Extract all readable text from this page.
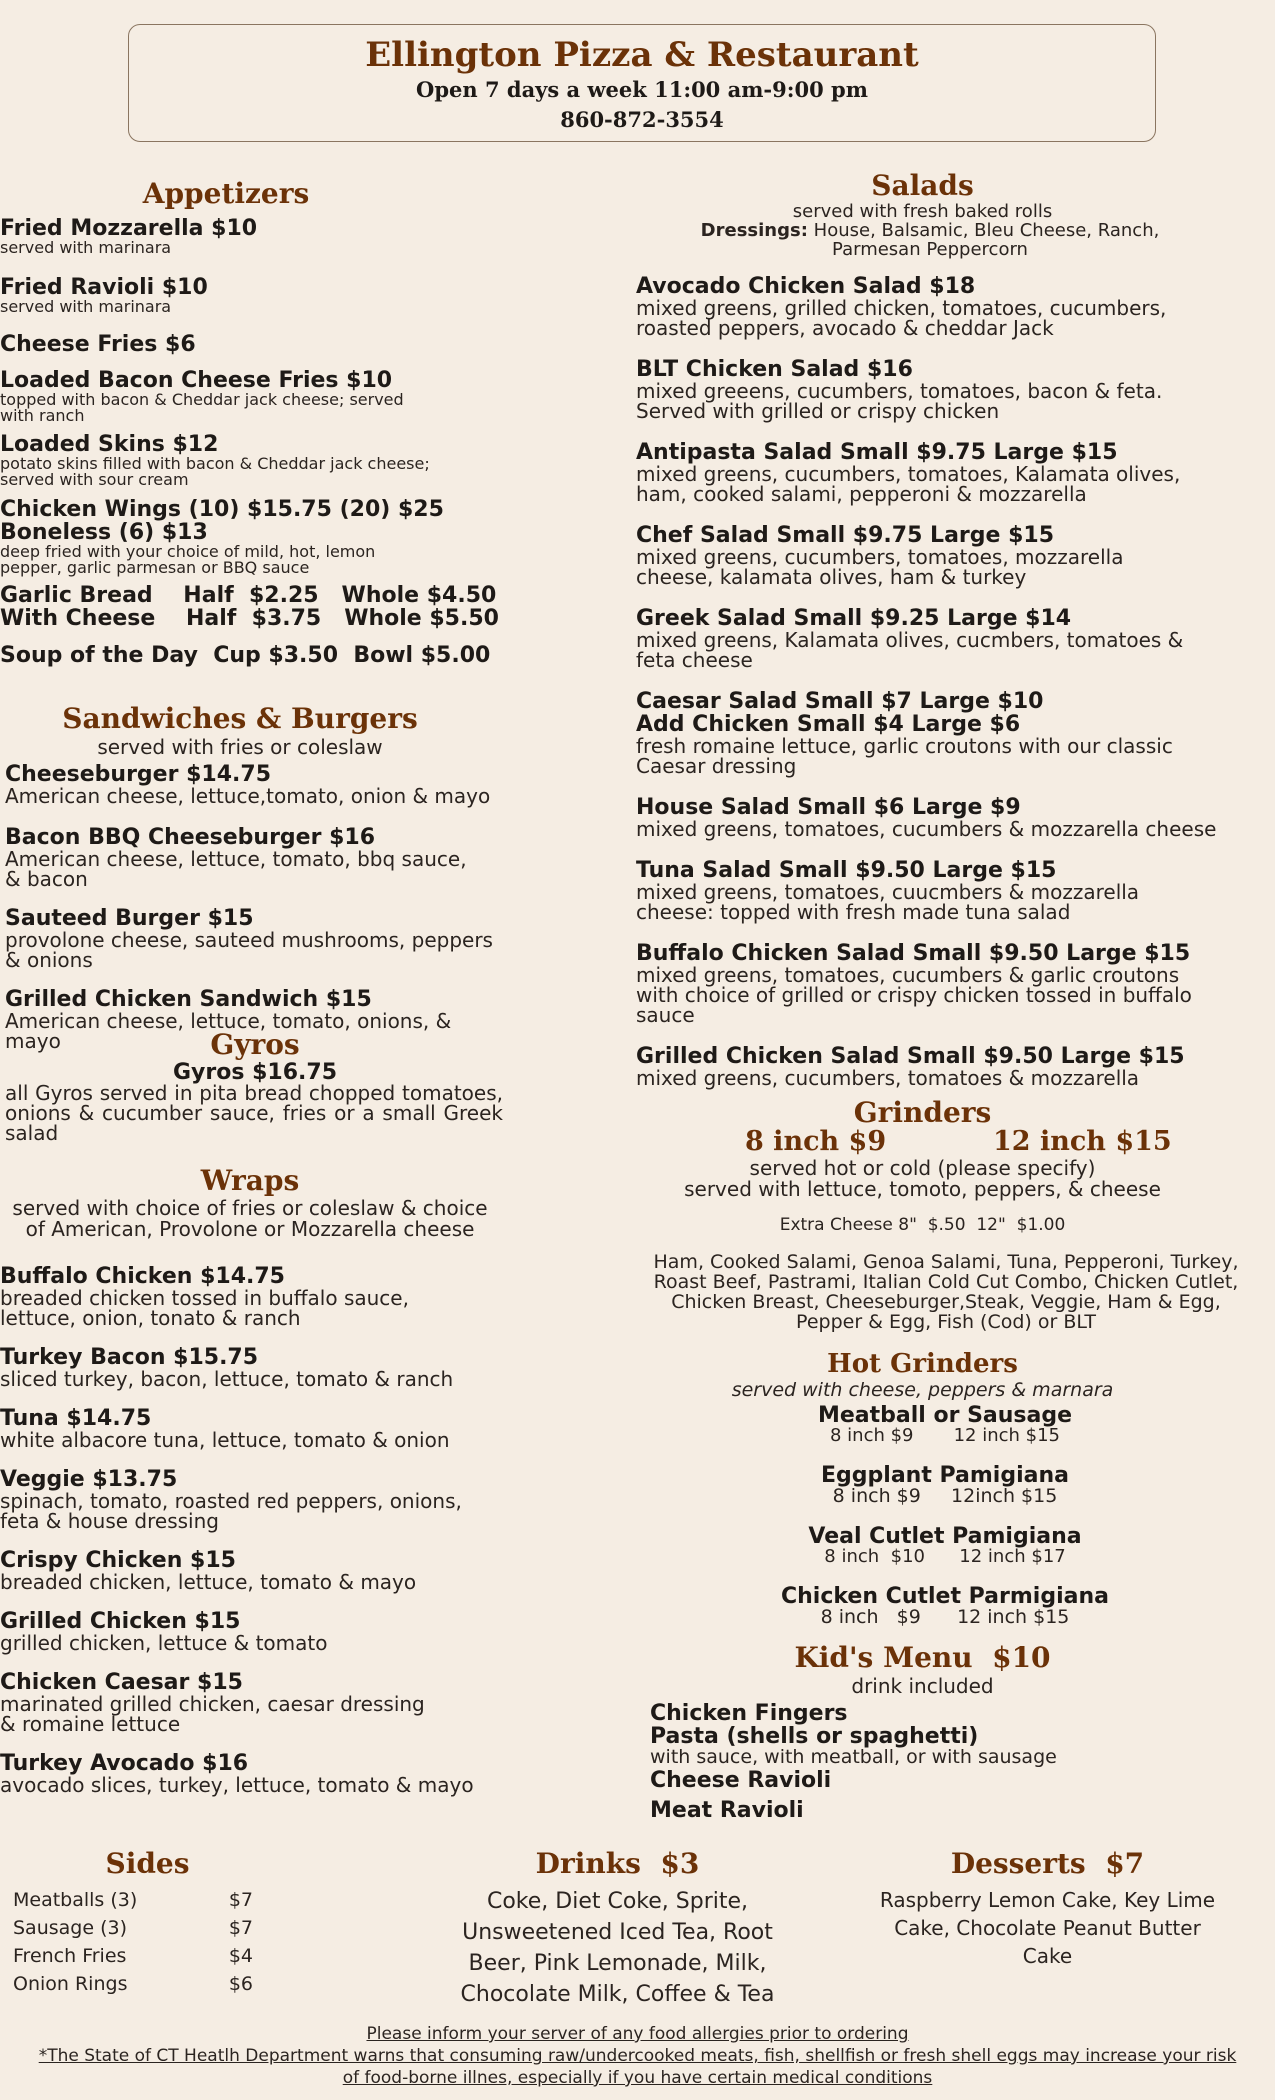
Ellington Pizza & Restaurant
Open 7 days a week 11:00 am-9:00 pm
860-872-3554
Appetizers
Fried Mozzarella $10
served with marinara
Fried Ravioli $10
served with marinara
Cheese Fries $6
Loaded Bacon Cheese Fries $10
topped with bacon & Cheddar jack cheese; served with ranch
Loaded Skins $12
potato skins filled with bacon & Cheddar jack cheese; served with sour cream
Chicken Wings (10) $15.75 (20) $25
Boneless (6) $13
deep fried with your choice of mild, hot, lemon pepper, garlic parmesan or BBQ sauce
Garlic Bread    Half  $2.25   Whole $4.50
With Cheese    Half  $3.75   Whole $5.50
Soup of the Day  Cup $3.50  Bowl $5.00
Sandwiches & Burgers
served with fries or coleslaw
Cheeseburger $14.75
American cheese, lettuce,tomato, onion & mayo
Bacon BBQ Cheeseburger $16
American cheese, lettuce, tomato, bbq sauce, & bacon
Sauteed Burger $15
provolone cheese, sauteed mushrooms, peppers & onions
Grilled Chicken Sandwich $15
American cheese, lettuce, tomato, onions, & mayo	Gyros
Gyros $16.75
all Gyros served in pita bread chopped tomatoes, onions & cucumber sauce, fries or a small Greek salad
Wraps
served with choice of fries or coleslaw & choice of American, Provolone or Mozzarella cheese
Buffalo Chicken $14.75
breaded chicken tossed in buffalo sauce, lettuce, onion, tonato & ranch
Turkey Bacon $15.75
sliced turkey, bacon, lettuce, tomato & ranch
Tuna $14.75
white albacore tuna, lettuce, tomato & onion
Veggie $13.75
spinach, tomato, roasted red peppers, onions, feta & house dressing
Crispy Chicken $15
breaded chicken, lettuce, tomato & mayo
Grilled Chicken $15
grilled chicken, lettuce & tomato
Chicken Caesar $15
marinated grilled chicken, caesar dressing & romaine lettuce
Turkey Avocado $16
avocado slices, turkey, lettuce, tomato & mayo
Salads
served with fresh baked rolls
Dressings: House, Balsamic, Bleu Cheese, Ranch, Parmesan Peppercorn
Avocado Chicken Salad $18
mixed greens, grilled chicken, tomatoes, cucumbers, roasted peppers, avocado & cheddar Jack
BLT Chicken Salad $16
mixed greeens, cucumbers, tomatoes, bacon & feta. Served with grilled or crispy chicken
Antipasta Salad Small $9.75 Large $15
mixed greens, cucumbers, tomatoes, Kalamata olives, ham, cooked salami, pepperoni & mozzarella
Chef Salad Small $9.75 Large $15
mixed greens, cucumbers, tomatoes, mozzarella cheese, kalamata olives, ham & turkey
Greek Salad Small $9.25 Large $14
mixed greens, Kalamata olives, cucmbers, tomatoes & feta cheese
Caesar Salad Small $7 Large $10
Add Chicken Small $4 Large $6
fresh romaine lettuce, garlic croutons with our classic Caesar dressing
House Salad Small $6 Large $9
mixed greens, tomatoes, cucumbers & mozzarella cheese
Tuna Salad Small $9.50 Large $15
mixed greens, tomatoes, cuucmbers & mozzarella cheese: topped with fresh made tuna salad
Buffalo Chicken Salad Small $9.50 Large $15
mixed greens, tomatoes, cucumbers & garlic croutons with choice of grilled or crispy chicken tossed in buffalo sauce
Grilled Chicken Salad Small $9.50 Large $15
mixed greens, cucumbers, tomatoes & mozzarella
Grinders
8 inch $9	12 inch $15
served hot or cold (please specify)
served with lettuce, tomoto, peppers, & cheese
Extra Cheese 8"  $.50  12"  $1.00
Ham, Cooked Salami, Genoa Salami, Tuna, Pepperoni, Turkey, Roast Beef, Pastrami, Italian Cold Cut Combo, Chicken Cutlet, Chicken Breast, Cheeseburger,Steak, Veggie, Ham & Egg, Pepper & Egg, Fish (Cod) or BLT
Hot Grinders
served with cheese, peppers & marnara
Meatball or Sausage
8 inch $9       12 inch $15
Eggplant Pamigiana
8 inch $9     12inch $15
Veal Cutlet Pamigiana
8 inch  $10      12 inch $17
Chicken Cutlet Parmigiana
8 inch   $9      12 inch $15
Kid's Menu  $10
drink included
Chicken Fingers
Pasta (shells or spaghetti)
with sauce, with meatball, or with sausage
Cheese Ravioli
Meat Ravioli
Sides
Meatballs (3)	$7
Sausage (3)	$7
French Fries	$4
Onion Rings	$6
Drinks  $3
Coke, Diet Coke, Sprite, Unsweetened Iced Tea, Root Beer, Pink Lemonade, Milk, Chocolate Milk, Coffee & Tea
Desserts  $7
Raspberry Lemon Cake, Key Lime Cake, Chocolate Peanut Butter Cake
Please inform your server of any food allergies prior to ordering
*The State of CT Heatlh Department warns that consuming raw/undercooked meats, fish, shellfish or fresh shell eggs may increase your risk of food-borne illnes, especially if you have certain medical conditions
